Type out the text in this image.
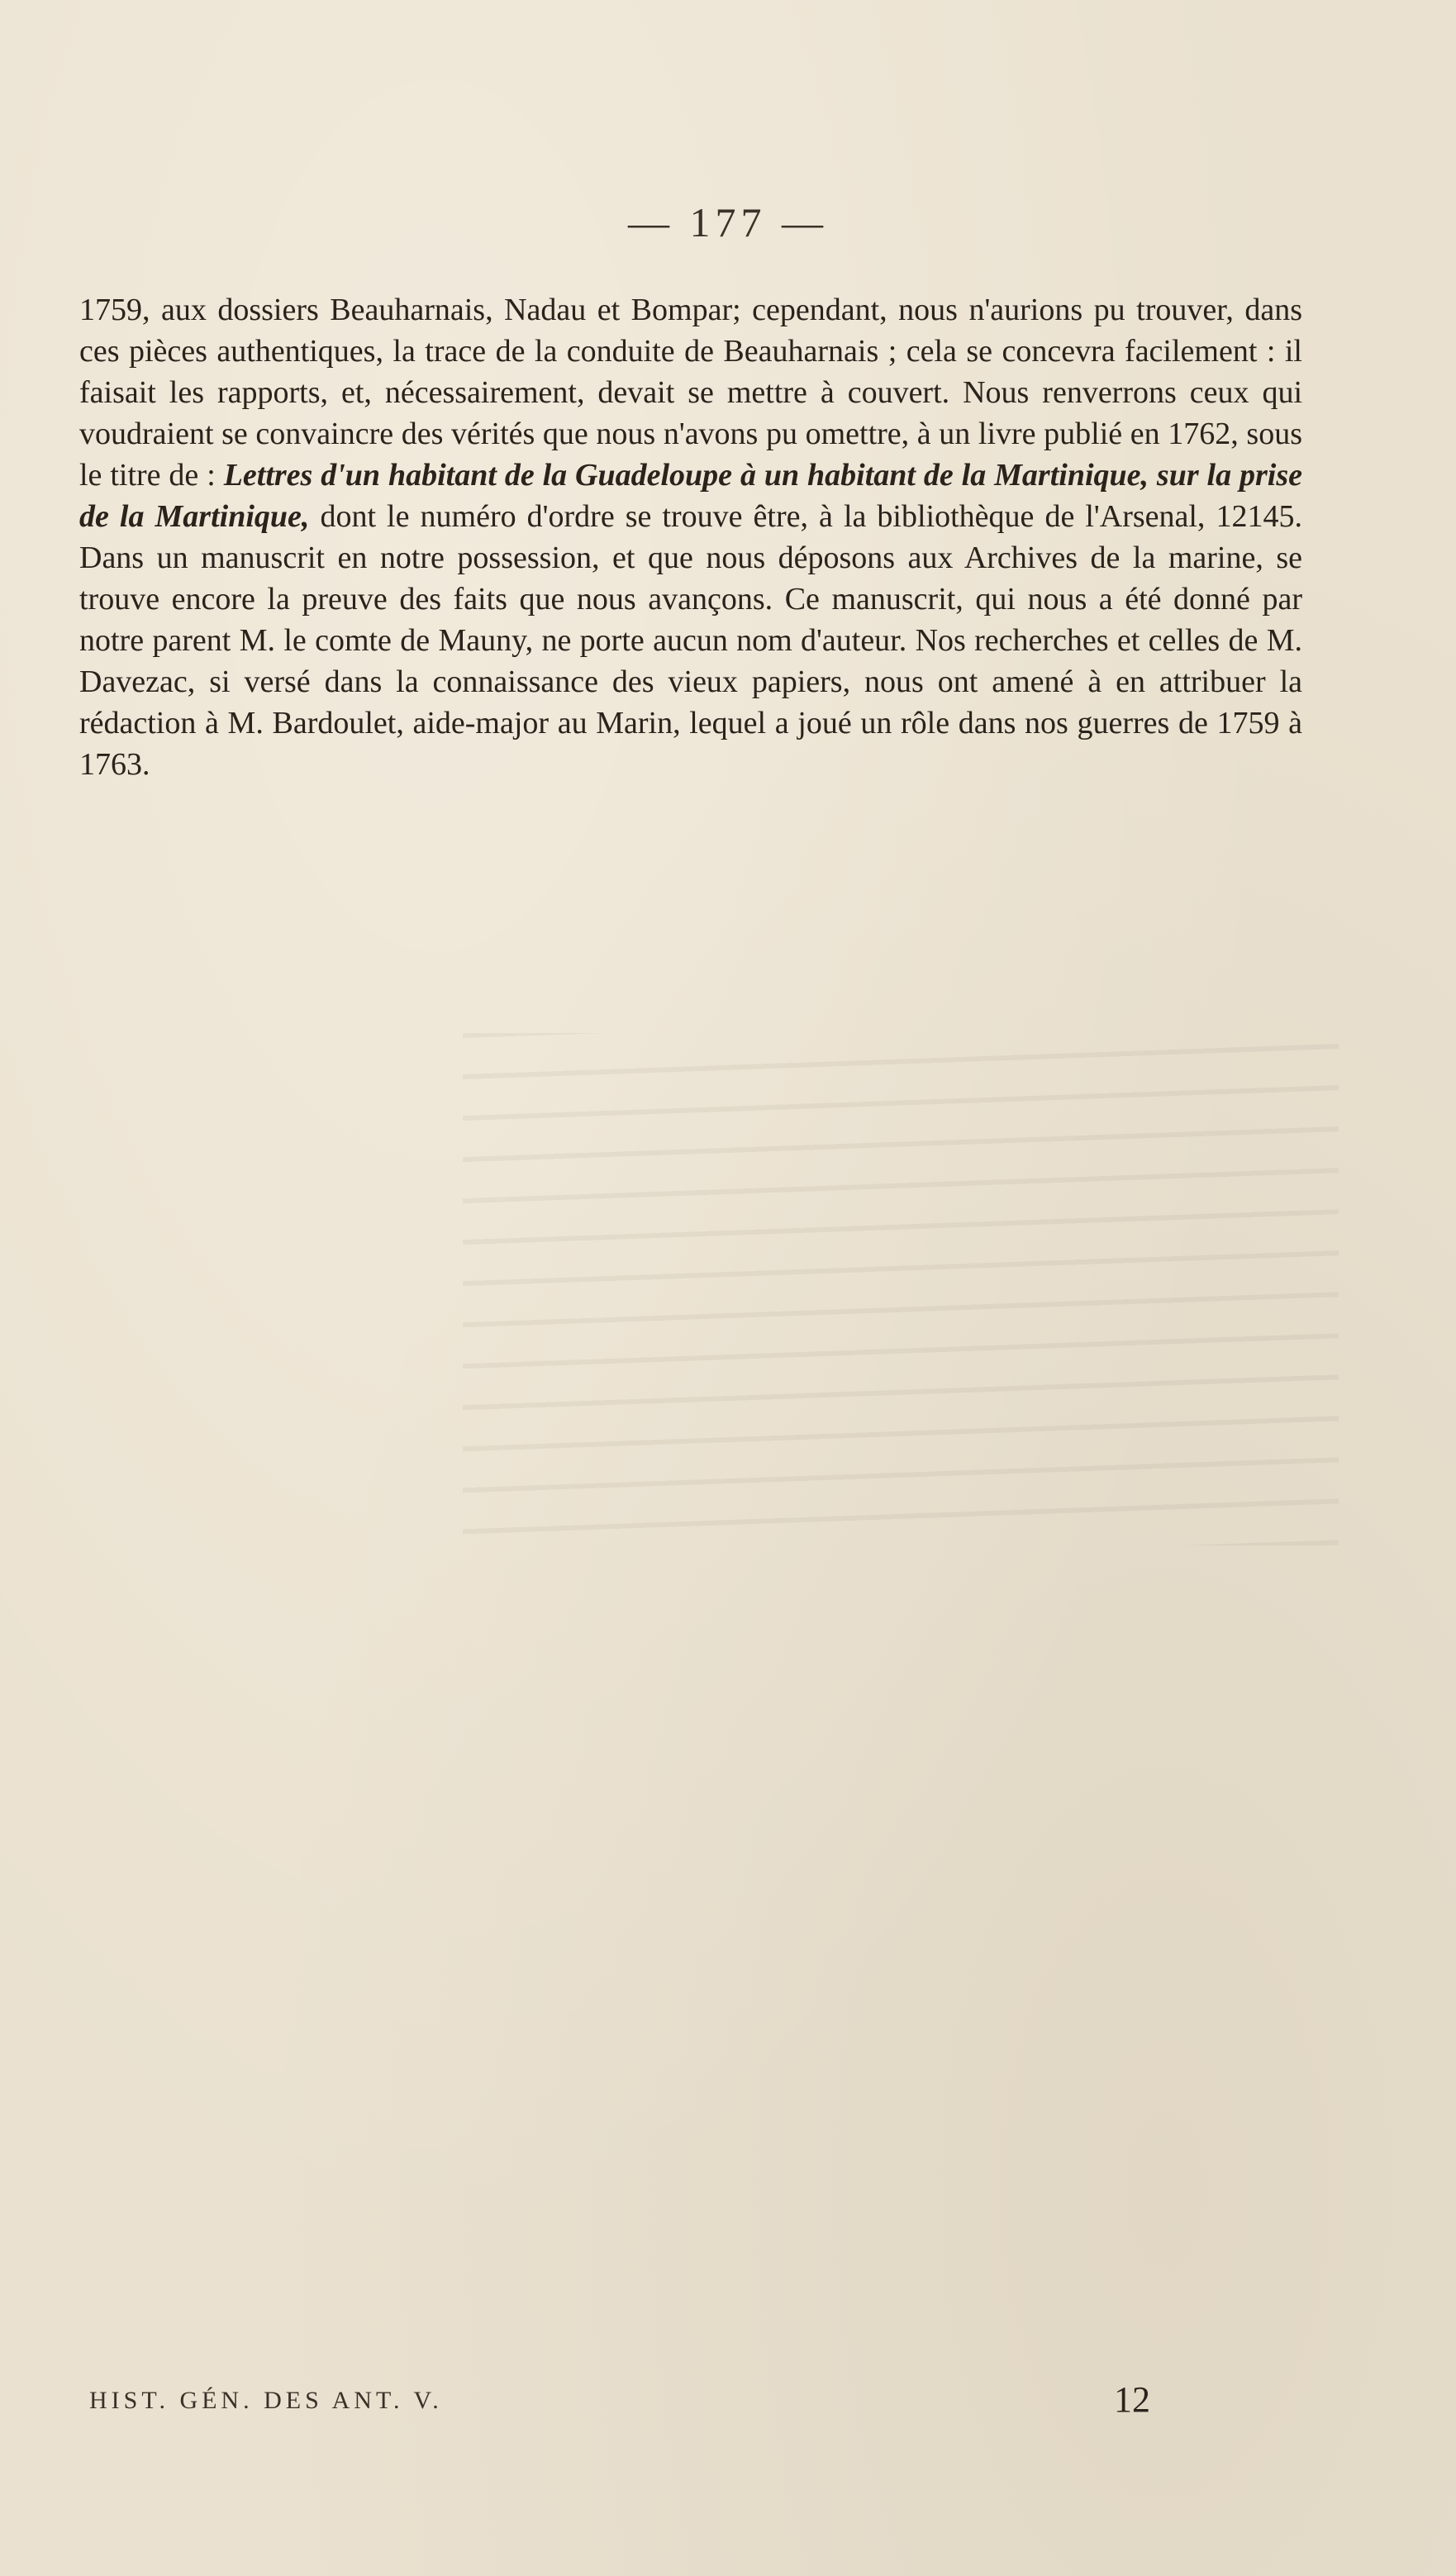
— 177 —

1759, aux dossiers Beauharnais, Nadau et Bompar; cependant, nous n'aurions pu trouver, dans ces pièces authentiques, la trace de la conduite de Beauharnais ; cela se concevra facilement : il faisait les rapports, et, nécessairement, devait se mettre à couvert. Nous renverrons ceux qui voudraient se convaincre des vérités que nous n'avons pu omettre, à un livre publié en 1762, sous le titre de : Lettres d'un habitant de la Guadeloupe à un habitant de la Martinique, sur la prise de la Martinique, dont le numéro d'ordre se trouve être, à la bibliothèque de l'Arsenal, 12145. Dans un manuscrit en notre possession, et que nous déposons aux Archives de la marine, se trouve encore la preuve des faits que nous avançons. Ce manuscrit, qui nous a été donné par notre parent M. le comte de Mauny, ne porte aucun nom d'auteur. Nos recherches et celles de M. Davezac, si versé dans la connaissance des vieux papiers, nous ont amené à en attribuer la rédaction à M. Bardoulet, aide-major au Marin, lequel a joué un rôle dans nos guerres de 1759 à 1763.

HIST. GÉN. DES ANT. V.	12
